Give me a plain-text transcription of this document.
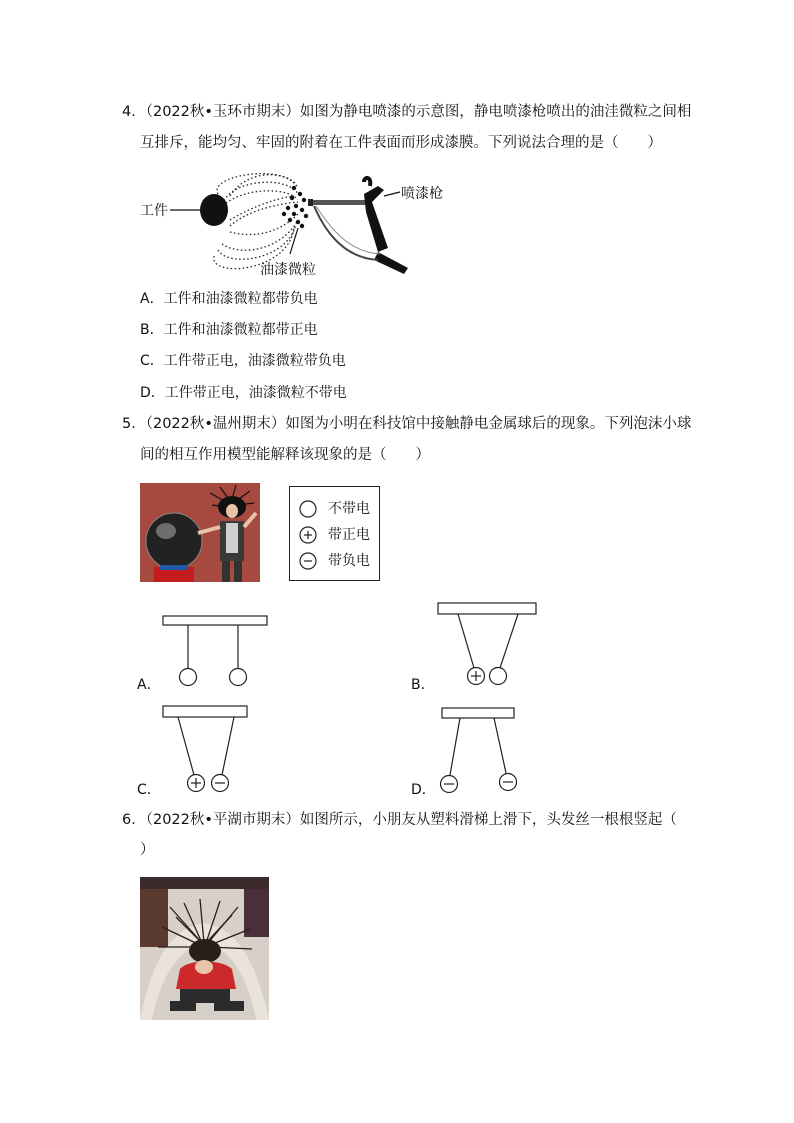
4．（2022秋•玉环市期末）如图为静电喷漆的示意图，静电喷漆枪喷出的油洼微粒之间相
互排斥，能均匀、牢固的附着在工件表面而形成漆膜。下列说法合理的是（　　）
工件
油漆微粒
喷漆枪
A．工件和油漆微粒都带负电
B．工件和油漆微粒都带正电
C．工件带正电，油漆微粒带负电
D．工件带正电，油漆微粒不带电
5．（2022秋•温州期末）如图为小明在科技馆中接触静电金属球后的现象。下列泡沫小球
间的相互作用模型能解释该现象的是（　　）
不带电
带正电
带负电
A．	B．
C．	D．
6．（2022秋•平湖市期末）如图所示，小朋友从塑料滑梯上滑下，头发丝一根根竖起（
）
